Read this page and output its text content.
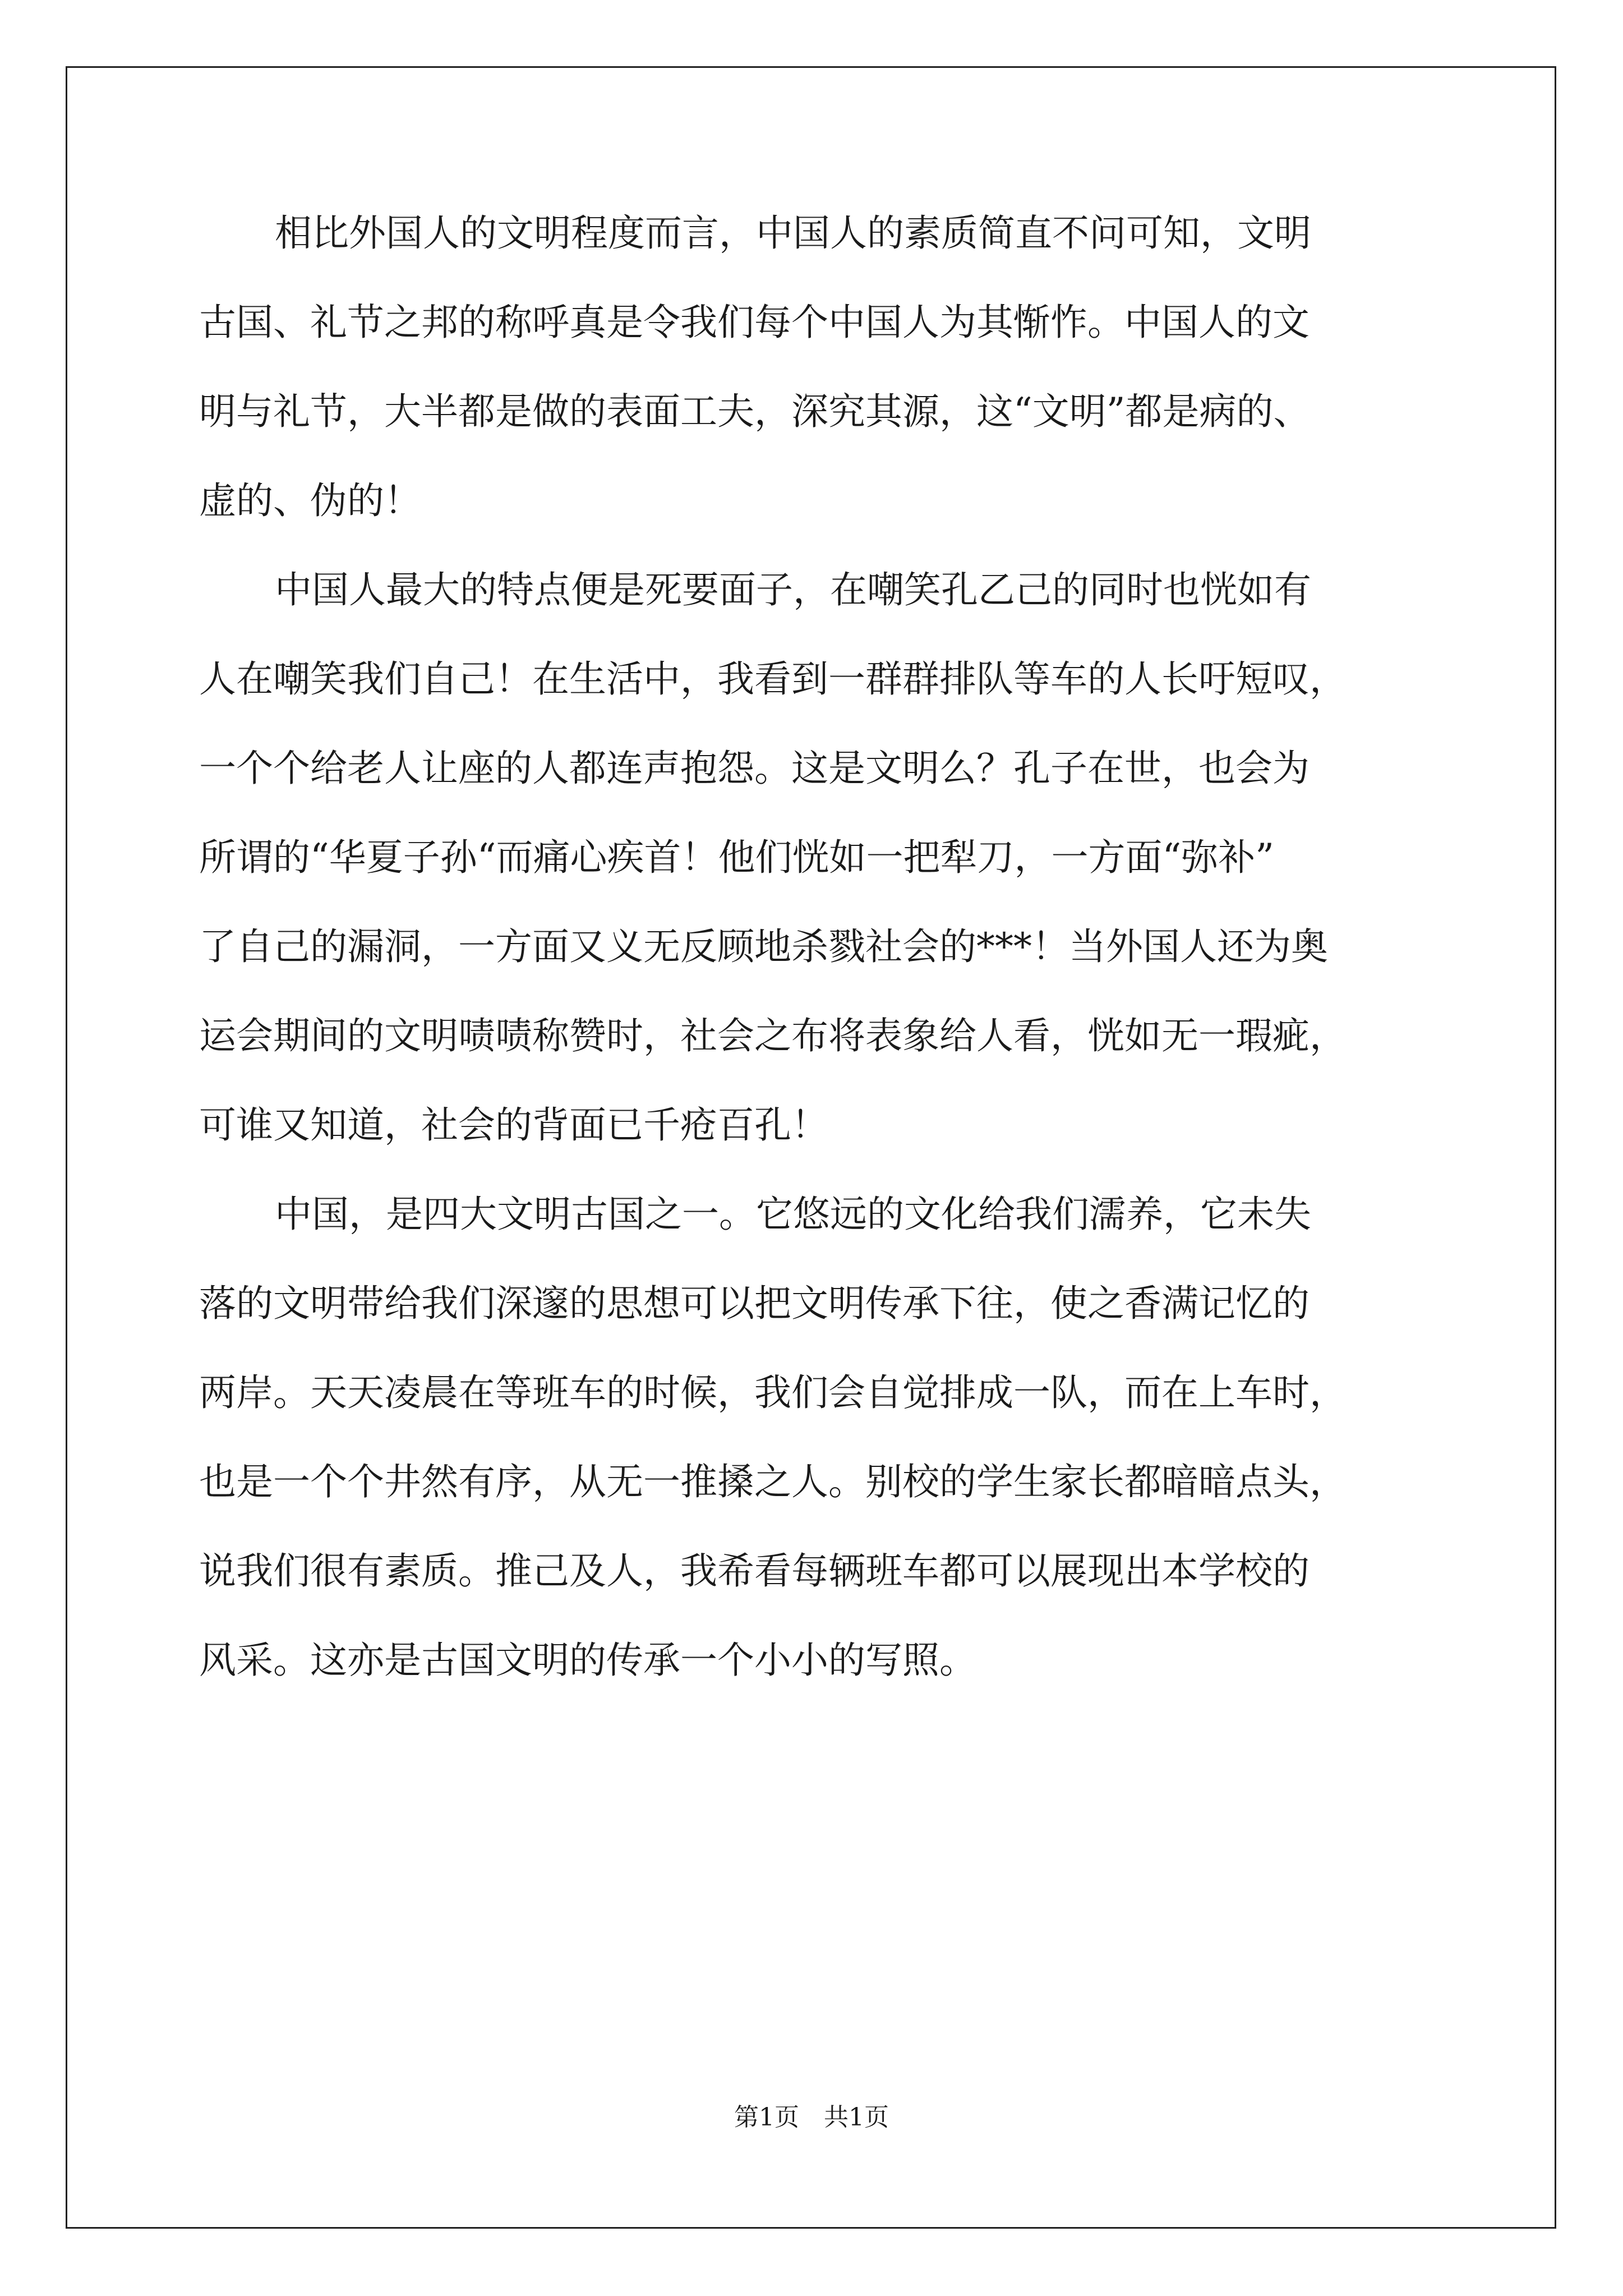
相比外国人的文明程度而言，中国人的素质简直不问可知，文明
古国、礼节之邦的称呼真是令我们每个中国人为其惭怍。中国人的文
明与礼节，大半都是做的表面工夫，深究其源，这“文明”都是病的、
虚的、伪的！
中国人最大的特点便是死要面子，在嘲笑孔乙己的同时也恍如有
人在嘲笑我们自己！在生活中，我看到一群群排队等车的人长吁短叹，
一个个给老人让座的人都连声抱怨。这是文明么？孔子在世，也会为
所谓的“华夏子孙“而痛心疾首！他们恍如一把犁刀，一方面“弥补”
了自己的漏洞，一方面又义无反顾地杀戮社会的***！当外国人还为奥
运会期间的文明啧啧称赞时，社会之布将表象给人看，恍如无一瑕疵，
可谁又知道，社会的背面已千疮百孔！
中国，是四大文明古国之一。它悠远的文化给我们濡养，它未失
落的文明带给我们深邃的思想可以把文明传承下往，使之香满记忆的
两岸。天天凌晨在等班车的时候，我们会自觉排成一队，而在上车时，
也是一个个井然有序，从无一推搡之人。别校的学生家长都暗暗点头，
说我们很有素质。推己及人，我希看每辆班车都可以展现出本学校的
风采。这亦是古国文明的传承一个小小的写照。
第1页　共1页
